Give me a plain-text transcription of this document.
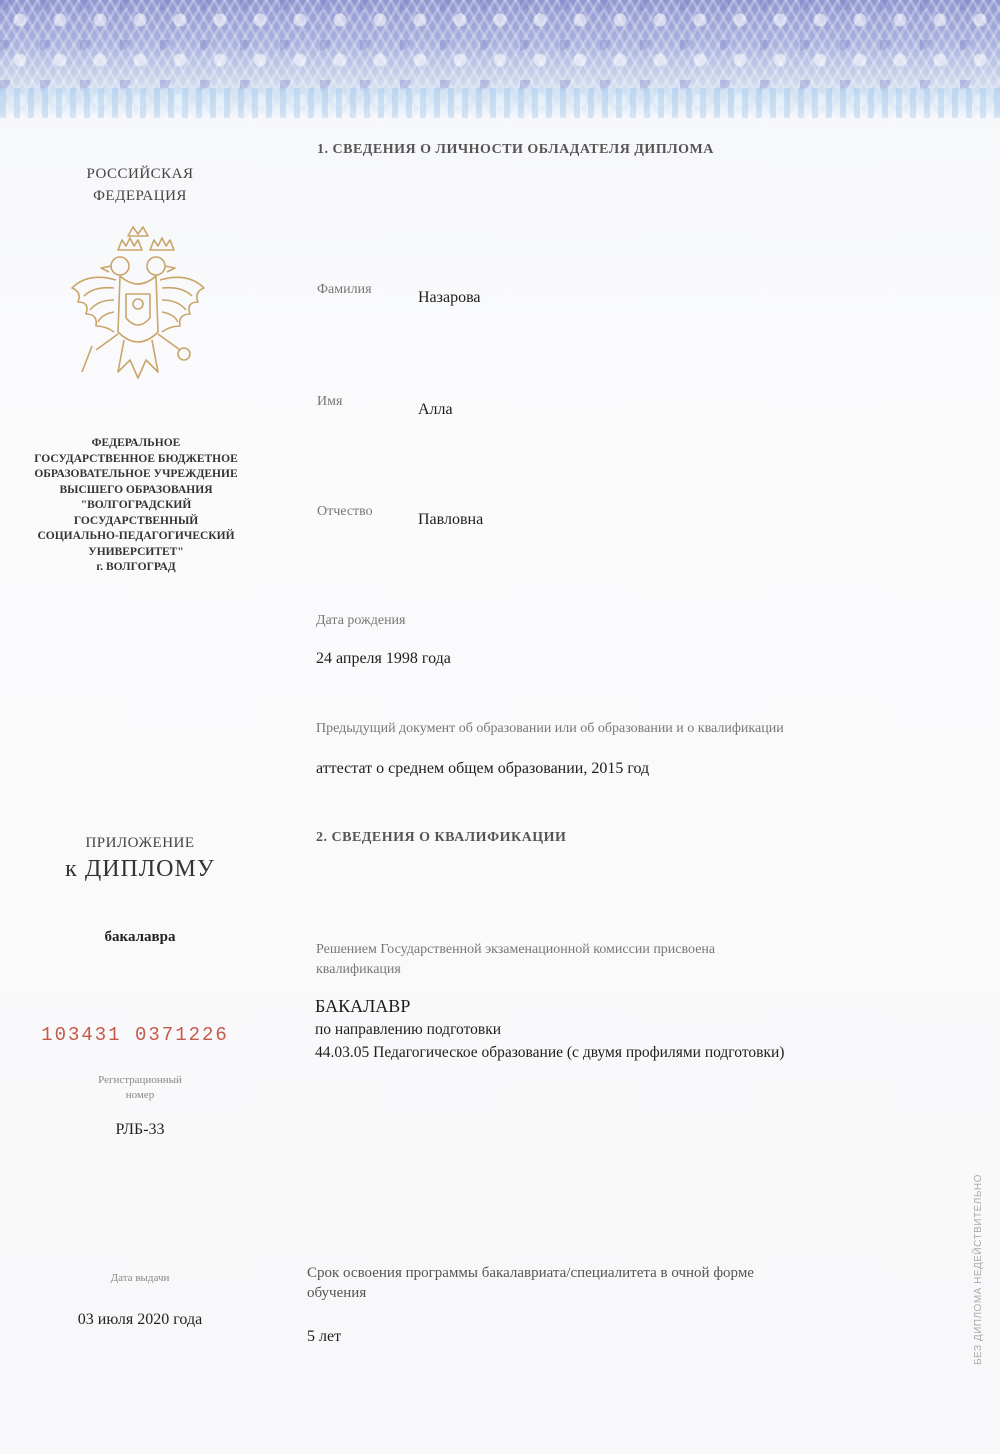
РОССИЙСКАЯ
ФЕДЕРАЦИЯ
ФЕДЕРАЛЬНОЕ
ГОСУДАРСТВЕННОЕ БЮДЖЕТНОЕ
ОБРАЗОВАТЕЛЬНОЕ УЧРЕЖДЕНИЕ
ВЫСШЕГО ОБРАЗОВАНИЯ
"ВОЛГОГРАДСКИЙ
ГОСУДАРСТВЕННЫЙ
СОЦИАЛЬНО-ПЕДАГОГИЧЕСКИЙ
УНИВЕРСИТЕТ"
г. ВОЛГОГРАД
ПРИЛОЖЕНИЕ
к ДИПЛОМУ
бакалавра
103431 0371226
Регистрационный
номер
РЛБ-33
Дата выдачи
03 июля 2020 года
1. СВЕДЕНИЯ О ЛИЧНОСТИ ОБЛАДАТЕЛЯ ДИПЛОМА
Фамилия	Назарова
Имя	Алла
Отчество	Павловна
Дата рождения
24 апреля 1998 года
Предыдущий документ об образовании или об образовании и о квалификации
аттестат о среднем общем образовании, 2015 год
2. СВЕДЕНИЯ О КВАЛИФИКАЦИИ
Решением Государственной экзаменационной комиссии присвоена
квалификация
БАКАЛАВР
по направлению подготовки
44.03.05 Педагогическое образование (с двумя профилями подготовки)
Срок освоения программы бакалавриата/специалитета в очной форме
обучения
5 лет	БЕЗ ДИПЛОМА НЕДЕЙСТВИТЕЛЬНО
